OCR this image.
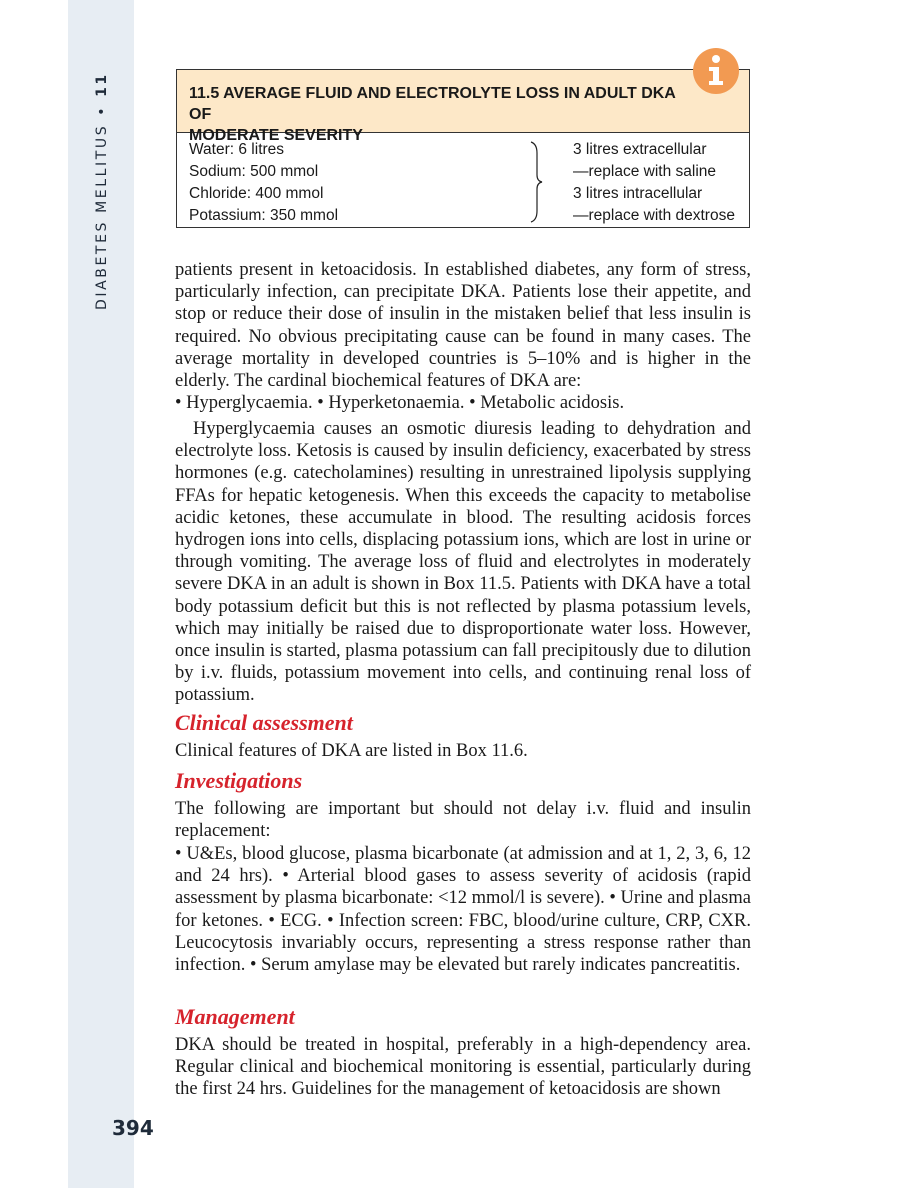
DIABETES MELLITUS
•
11	11.5 AVERAGE FLUID AND ELECTROLYTE LOSS IN ADULT DKA OF
MODERATE SEVERITY
Water: 6 litres
Sodium: 500 mmol
Chloride: 400 mmol
Potassium: 350 mmol
3 litres extracellular
—replace with saline
3 litres intracellular
—replace with dextrose

patients present in ketoacidosis. In established diabetes, any form of stress, particularly infection, can precipitate DKA. Patients lose their appetite, and stop or reduce their dose of insulin in the mistaken belief that less insulin is required. No obvious precipitating cause can be found in many cases. The average mortality in developed countries is 5–10% and is higher in the elderly. The cardinal biochemical features of DKA are:

• Hyperglycaemia. • Hyperketonaemia. • Metabolic acidosis.

Hyperglycaemia causes an osmotic diuresis leading to dehydration and electrolyte loss. Ketosis is caused by insulin deficiency, exacerbated by stress hormones (e.g. catecholamines) resulting in unrestrained lipolysis supplying FFAs for hepatic ketogenesis. When this exceeds the capacity to metabolise acidic ketones, these accumulate in blood. The resulting acidosis forces hydrogen ions into cells, displacing potassium ions, which are lost in urine or through vomiting. The average loss of fluid and electrolytes in moderately severe DKA in an adult is shown in Box 11.5. Patients with DKA have a total body potassium deficit but this is not reflected by plasma potassium levels, which may initially be raised due to disproportionate water loss. However, once insulin is started, plasma potassium can fall precipitously due to dilution by i.v. fluids, potassium movement into cells, and continuing renal loss of potassium.

Clinical assessment

Clinical features of DKA are listed in Box 11.6.

Investigations

The following are important but should not delay i.v. fluid and insulin replacement:

• U&Es, blood glucose, plasma bicarbonate (at admission and at 1, 2, 3, 6, 12 and 24 hrs). • Arterial blood gases to assess severity of acidosis (rapid assessment by plasma bicarbonate: <12 mmol/l is severe). • Urine and plasma for ketones. • ECG. • Infection screen: FBC, blood/urine culture, CRP, CXR. Leucocytosis invariably occurs, representing a stress response rather than infection. • Serum amylase may be elevated but rarely indicates pancreatitis.

Management

DKA should be treated in hospital, preferably in a high-dependency area. Regular clinical and biochemical monitoring is essential, particularly during the first 24 hrs. Guidelines for the management of ketoacidosis are shown

394
